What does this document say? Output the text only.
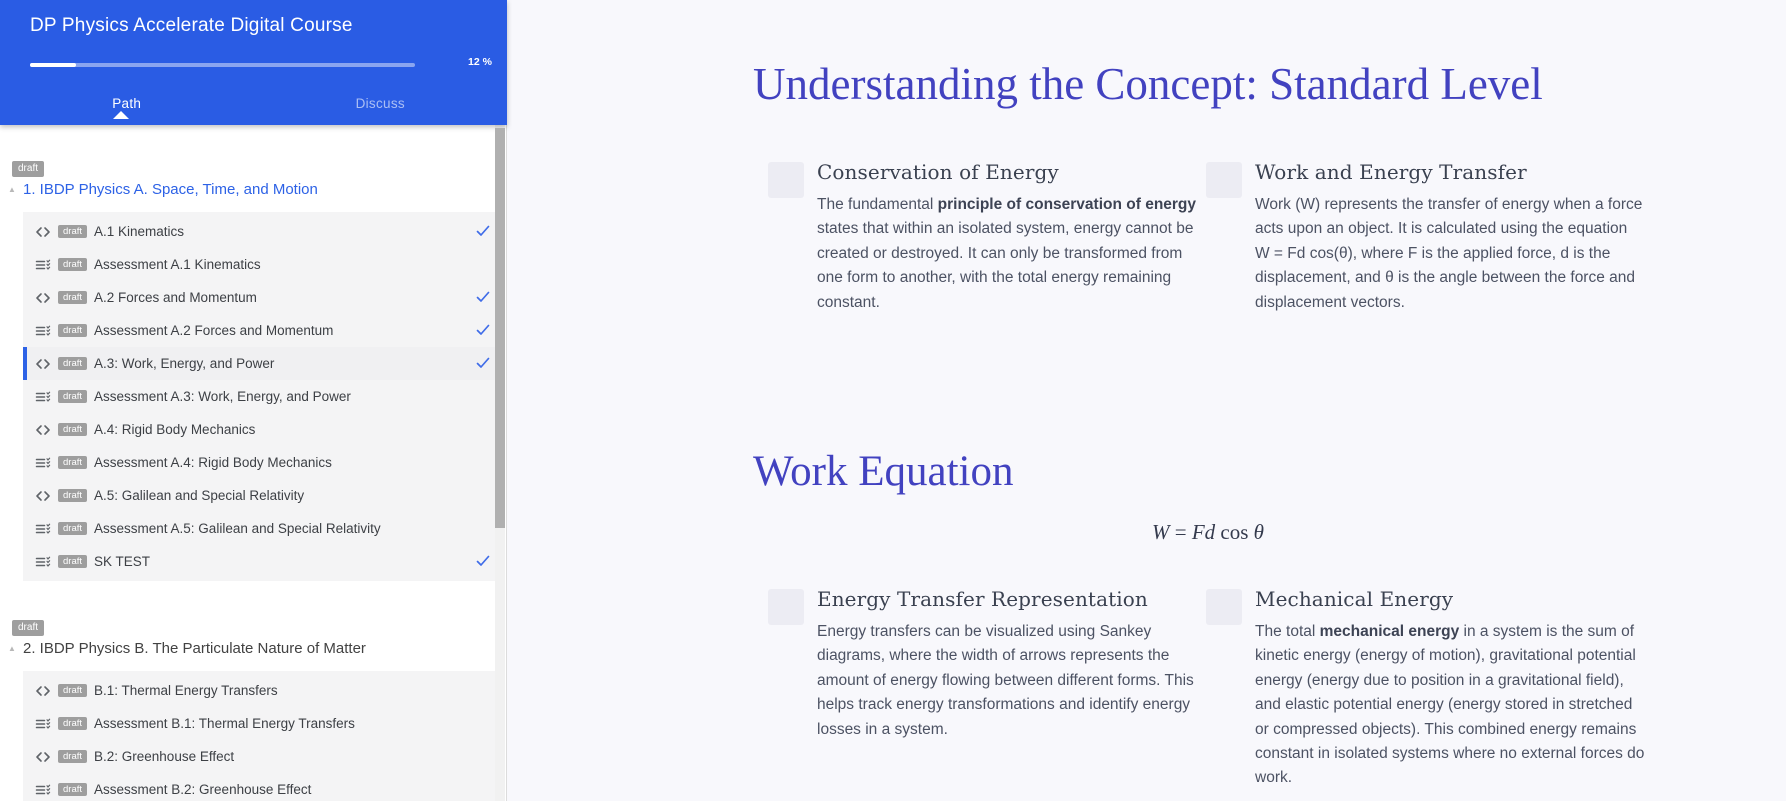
DP Physics Accelerate Digital Course
12 %
Path	Discuss
draft
▲ 1. IBDP Physics A. Space, Time, and Motion
draft A.1 Kinematics
draft Assessment A.1 Kinematics
draft A.2 Forces and Momentum
draft Assessment A.2 Forces and Momentum
draft A.3: Work, Energy, and Power
draft Assessment A.3: Work, Energy, and Power
draft A.4: Rigid Body Mechanics
draft Assessment A.4: Rigid Body Mechanics
draft A.5: Galilean and Special Relativity
draft Assessment A.5: Galilean and Special Relativity
draft SK TEST
draft
▲ 2. IBDP Physics B. The Particulate Nature of Matter
draft B.1: Thermal Energy Transfers
draft Assessment B.1: Thermal Energy Transfers
draft B.2: Greenhouse Effect
draft Assessment B.2: Greenhouse Effect
Understanding the Concept: Standard Level
Conservation of Energy
The fundamental principle of conservation of energy states that within an isolated system, energy cannot be created or destroyed. It can only be transformed from one form to another, with the total energy remaining constant.
Work and Energy Transfer
Work (W) represents the transfer of energy when a force acts upon an object. It is calculated using the equation W = Fd cos(θ), where F is the applied force, d is the displacement, and θ is the angle between the force and displacement vectors.
Work Equation
W = Fd cos θ
Energy Transfer Representation
Energy transfers can be visualized using Sankey diagrams, where the width of arrows represents the amount of energy flowing between different forms. This helps track energy transformations and identify energy losses in a system.
Mechanical Energy
The total mechanical energy in a system is the sum of kinetic energy (energy of motion), gravitational potential energy (energy due to position in a gravitational field), and elastic potential energy (energy stored in stretched or compressed objects). This combined energy remains constant in isolated systems where no external forces do work.
